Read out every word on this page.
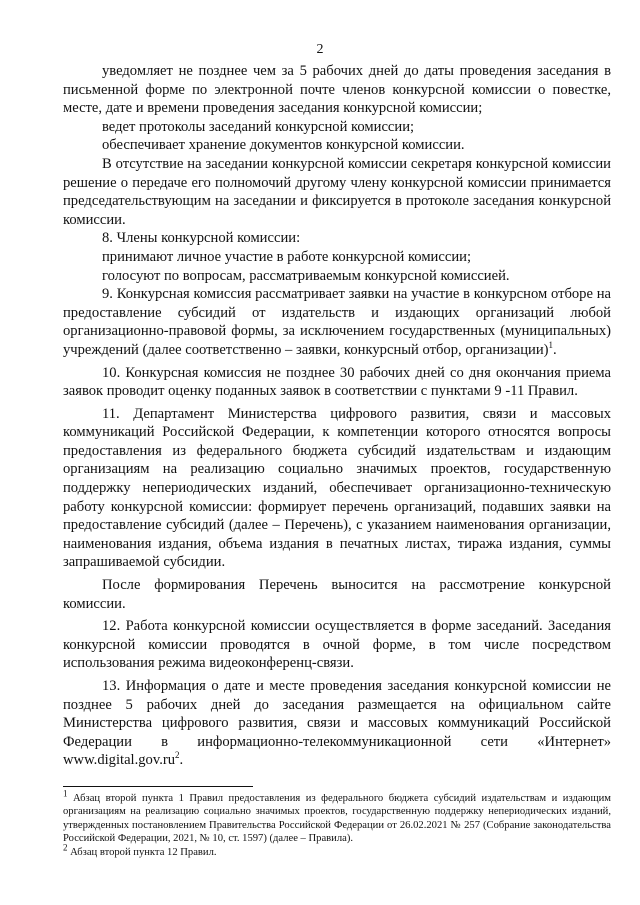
2

уведомляет не позднее чем за 5 рабочих дней до даты проведения заседания в письменной форме по электронной почте членов конкурсной комиссии о повестке, месте, дате и времени проведения заседания конкурсной комиссии;

ведет протоколы заседаний конкурсной комиссии;

обеспечивает хранение документов конкурсной комиссии.

В отсутствие на заседании конкурсной комиссии секретаря конкурсной комиссии решение о передаче его полномочий другому члену конкурсной комиссии принимается председательствующим на заседании и фиксируется в протоколе заседания конкурсной комиссии.

8. Члены конкурсной комиссии:

принимают личное участие в работе конкурсной комиссии;

голосуют по вопросам, рассматриваемым конкурсной комиссией.

9. Конкурсная комиссия рассматривает заявки на участие в конкурсном отборе на предоставление субсидий от издательств и издающих организаций любой организационно-правовой формы, за исключением государственных (муниципальных) учреждений (далее соответственно – заявки, конкурсный отбор, организации)$^1$.

10. Конкурсная комиссия не позднее 30 рабочих дней со дня окончания приема заявок проводит оценку поданных заявок в соответствии с пунктами 9 -11 Правил.

11. Департамент Министерства цифрового развития, связи и массовых коммуникаций Российской Федерации, к компетенции которого относятся вопросы предоставления из федерального бюджета субсидий издательствам и издающим организациям на реализацию социально значимых проектов, государственную поддержку непериодических изданий, обеспечивает организационно-техническую работу конкурсной комиссии: формирует перечень организаций, подавших заявки на предоставление субсидий (далее – Перечень), с указанием наименования организации, наименования издания, объема издания в печатных листах, тиража издания, суммы запрашиваемой субсидии.

После формирования Перечень выносится на рассмотрение конкурсной комиссии.

12. Работа конкурсной комиссии осуществляется в форме заседаний. Заседания конкурсной комиссии проводятся в очной форме, в том числе посредством использования режима видеоконференц-связи.

13. Информация о дате и месте проведения заседания конкурсной комиссии не позднее 5 рабочих дней до заседания размещается на официальном сайте Министерства цифрового развития, связи и массовых коммуникаций Российской Федерации в информационно-телекоммуникационной сети «Интернет» $www.digital.gov.ru^2$.

$^1$ Абзац второй пункта 1 Правил предоставления из федерального бюджета субсидий издательствам и издающим организациям на реализацию социально значимых проектов, государственную поддержку непериодических изданий, утвержденных постановлением Правительства Российской Федерации от 26.02.2021 № 257 (Собрание законодательства Российской Федерации, 2021, № 10, ст. 1597) (далее – Правила).

$^2$ Абзац второй пункта 12 Правил.
